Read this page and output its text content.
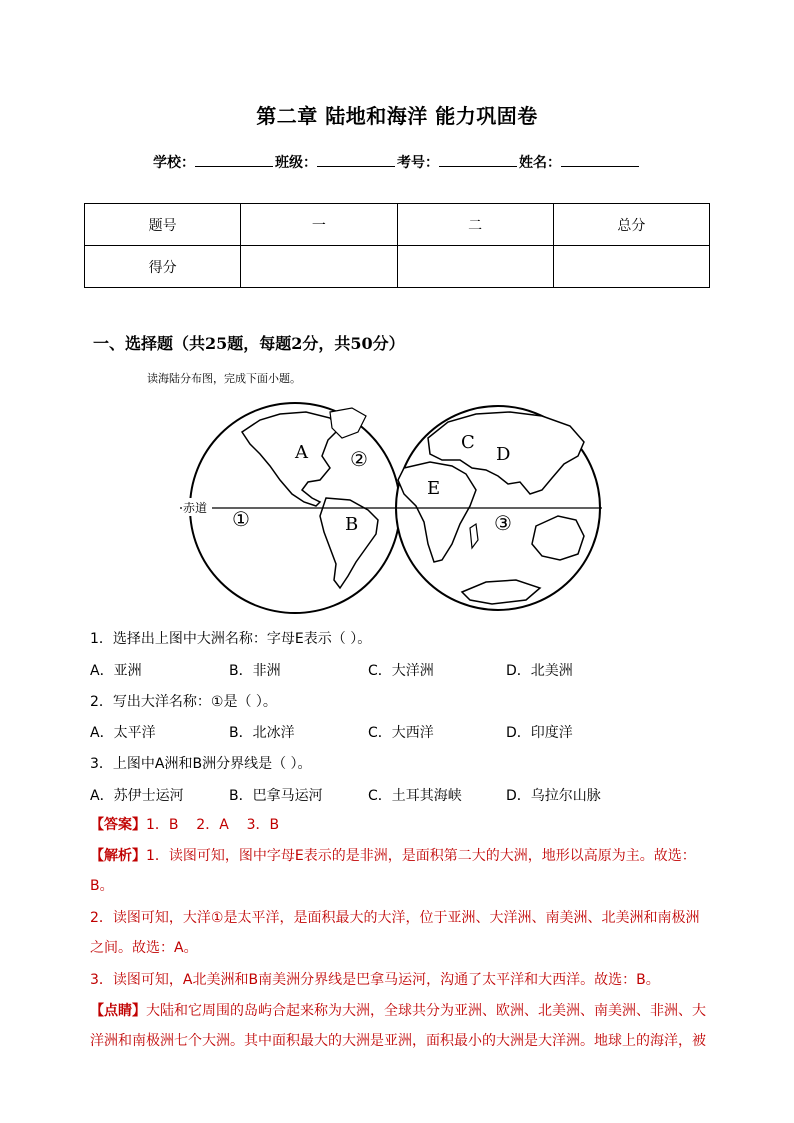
第二章 陆地和海洋 能力巩固卷
学校：	班级：	考号：	姓名：
题号	一	二	总分
得分			
一、选择题（共25题，每题2分，共50分）
读海陆分布图，完成下面小题。
赤道
A
B
C
D
E
①
②
③
1．选择出上图中大洲名称：字母E表示（ ）。
A．亚洲	B．非洲	C．大洋洲	D．北美洲
2．写出大洋名称：①是（ ）。
A．太平洋	B．北冰洋	C．大西洋	D．印度洋
3．上图中A洲和B洲分界线是（ ）。
A．苏伊士运河	B．巴拿马运河	C．土耳其海峡	D．乌拉尔山脉
【答案】1．B    2．A    3．B
【解析】1．读图可知，图中字母E表示的是非洲，是面积第二大的大洲，地形以高原为主。故选：B。
2．读图可知，大洋①是太平洋，是面积最大的大洋，位于亚洲、大洋洲、南美洲、北美洲和南极洲之间。故选：A。
3．读图可知，A北美洲和B南美洲分界线是巴拿马运河，沟通了太平洋和大西洋。故选：B。
【点睛】大陆和它周围的岛屿合起来称为大洲，全球共分为亚洲、欧洲、北美洲、南美洲、非洲、大洋洲和南极洲七个大洲。其中面积最大的大洲是亚洲，面积最小的大洲是大洋洲。地球上的海洋，被
